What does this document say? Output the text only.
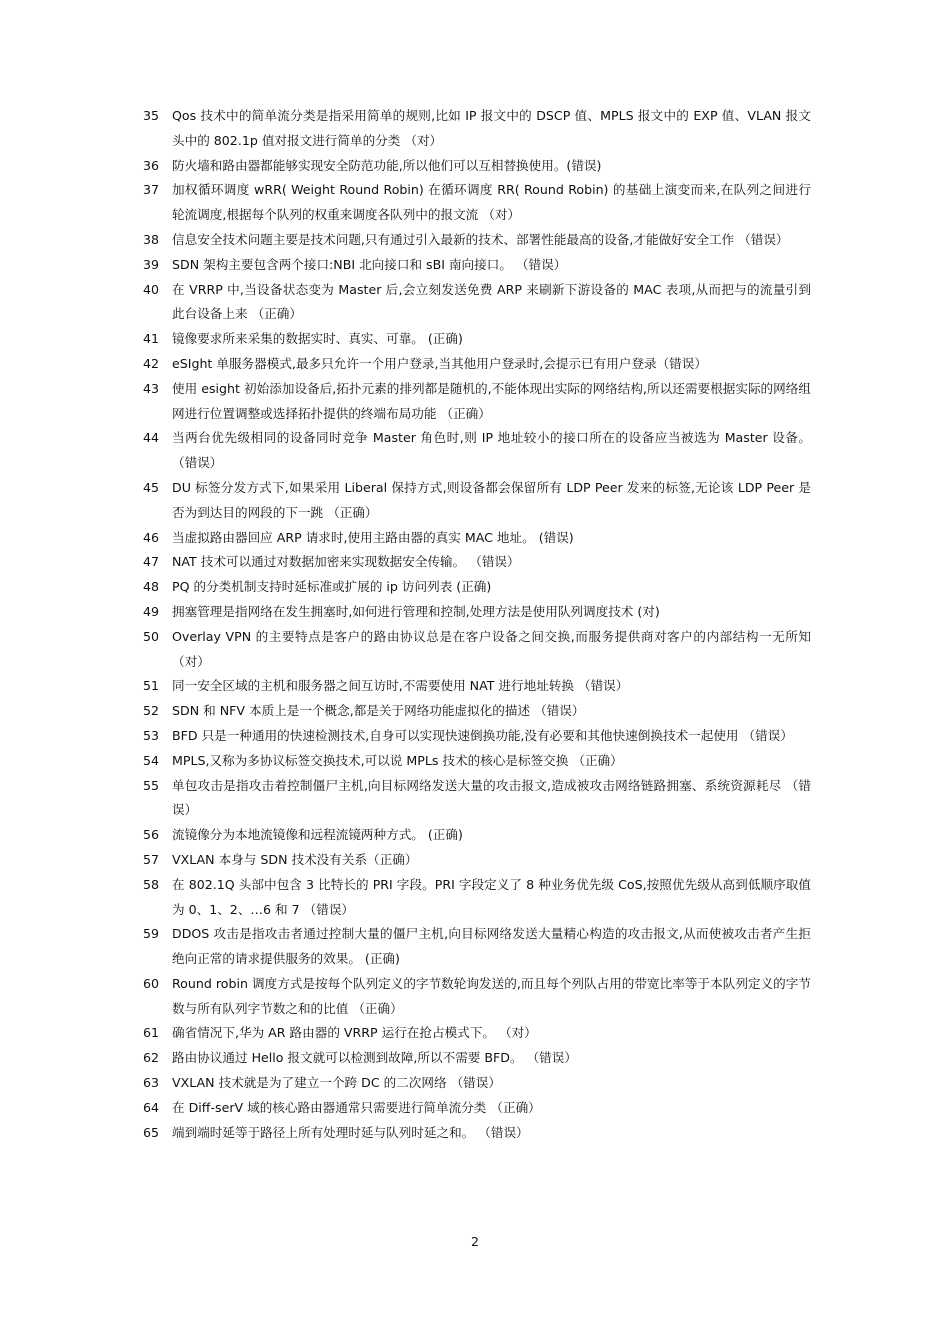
35	Qos 技术中的简单流分类是指采用简单的规则,比如 IP 报文中的 DSCP 值、MPLS 报文中的 EXP 值、VLAN 报文头中的 802.1p 值对报文进行简单的分类 （对）
36	防火墙和路由器都能够实现安全防范功能,所以他们可以互相替换使用。(错误)
37	加权循环调度 wRR( Weight Round Robin) 在循环调度 RR( Round Robin) 的基础上演变而来,在队列之间进行轮流调度,根据每个队列的权重来调度各队列中的报文流 （对）
38	信息安全技术问题主要是技术问题,只有通过引入最新的技术、部署性能最高的设备,才能做好安全工作 （错误）
39	SDN 架构主要包含两个接口:NBI 北向接口和 sBI 南向接口。 （错误）
40	在 VRRP 中,当设备状态变为 Master 后,会立刻发送免费 ARP 来刷新下游设备的 MAC 表项,从而把与的流量引到此台设备上来 （正确）
41	镜像要求所来采集的数据实时、真实、可靠。 (正确)
42	eSIght 单服务器模式,最多只允许一个用户登录,当其他用户登录时,会提示已有用户登录（错误）
43	使用 esight 初始添加设备后,拓扑元素的排列都是随机的,不能体现出实际的网络结构,所以还需要根据实际的网络组网进行位置调整或选择拓扑提供的终端布局功能 （正确）
44	当两台优先级相同的设备同时竞争 Master 角色时,则 IP 地址较小的接口所在的设备应当被选为 Master 设备。 （错误）
45	DU 标签分发方式下,如果采用 Liberal 保持方式,则设备都会保留所有 LDP Peer 发来的标签,无论该 LDP Peer 是否为到达目的网段的下一跳 （正确）
46	当虚拟路由器回应 ARP 请求时,使用主路由器的真实 MAC 地址。 (错误)
47	NAT 技术可以通过对数据加密来实现数据安全传输。 （错误）
48	PQ 的分类机制支持时延标准或扩展的 ip 访问列表 (正确)
49	拥塞管理是指网络在发生拥塞时,如何进行管理和控制,处理方法是使用队列调度技术 (对)
50	Overlay VPN 的主要特点是客户的路由协议总是在客户设备之间交换,而服务提供商对客户的内部结构一无所知 （对）
51	同一安全区域的主机和服务器之间互访时,不需要使用 NAT 进行地址转换 （错误）
52	SDN 和 NFV 本质上是一个概念,都是关于网络功能虚拟化的描述 （错误）
53	BFD 只是一种通用的快速检测技术,自身可以实现快速倒换功能,没有必要和其他快速倒换技术一起使用 （错误）
54	MPLS,又称为多协议标签交换技术,可以说 MPLs 技术的核心是标签交换 （正确）
55	单包攻击是指攻击着控制僵尸主机,向目标网络发送大量的攻击报文,造成被攻击网络链路拥塞、系统资源耗尽 （错误）
56	流镜像分为本地流镜像和远程流镜两种方式。 (正确)
57	VXLAN 本身与 SDN 技术没有关系（正确）
58	在 802.1Q 头部中包含 3 比特长的 PRI 字段。PRI 字段定义了 8 种业务优先级 CoS,按照优先级从高到低顺序取值为 0、1、2、…6 和 7 （错误）
59	DDOS 攻击是指攻击者通过控制大量的僵尸主机,向目标网络发送大量精心构造的攻击报文,从而使被攻击者产生拒绝向正常的请求提供服务的效果。 (正确)
60	Round robin 调度方式是按每个队列定义的字节数轮询发送的,而且每个列队占用的带宽比率等于本队列定义的字节数与所有队列字节数之和的比值 （正确）
61	确省情况下,华为 AR 路由器的 VRRP 运行在抢占模式下。 （对）
62	路由协议通过 Hello 报文就可以检测到故障,所以不需要 BFD。 （错误）
63	VXLAN 技术就是为了建立一个跨 DC 的二次网络 （错误）
64	在 Diff-serV 域的核心路由器通常只需要进行简单流分类 （正确）
65	端到端时延等于路径上所有处理时延与队列时延之和。 （错误）
2
